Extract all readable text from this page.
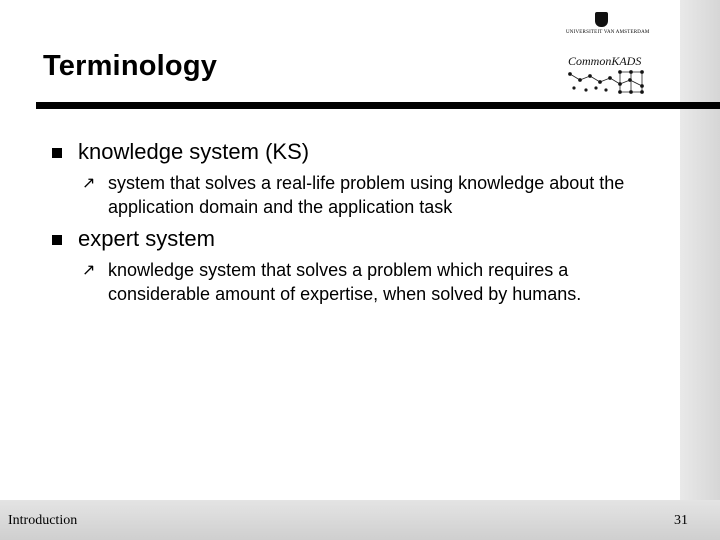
Terminology
UNIVERSITEIT VAN AMSTERDAM
CommonKADS
knowledge system (KS)
↗ system that solves a real-life problem using knowledge about the application domain and the application task
expert system
↗ knowledge system that solves a problem which requires a considerable amount of expertise, when solved by humans.
Introduction	31
